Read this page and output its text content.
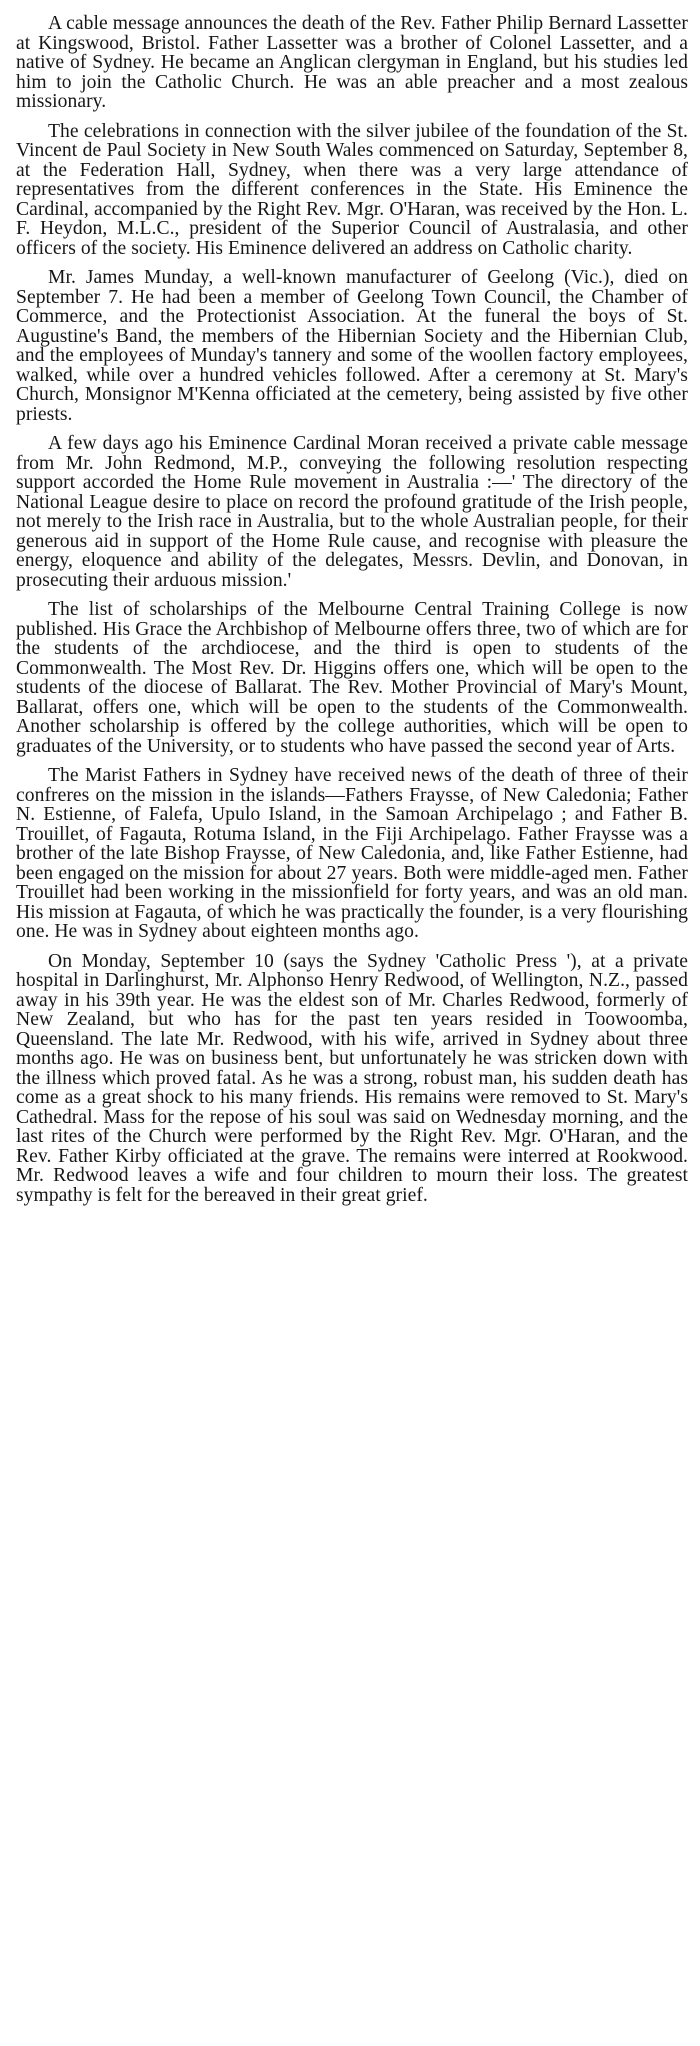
A cable message announces the death of the Rev. Father Philip Bernard Lassetter at Kingswood, Bristol. Father Lassetter was a brother of Colonel Lassetter, and a native of Sydney. He became an Anglican clergyman in England, but his studies led him to join the Catholic Church. He was an able preacher and a most zealous missionary.

The celebrations in connection with the silver jubilee of the foundation of the St. Vincent de Paul Society in New South Wales commenced on Saturday, September 8, at the Federation Hall, Sydney, when there was a very large attendance of representatives from the different conferences in the State. His Eminence the Cardinal, accompanied by the Right Rev. Mgr. O'Haran, was received by the Hon. L. F. Heydon, M.L.C., president of the Superior Council of Australasia, and other officers of the society. His Eminence delivered an address on Catholic charity.

Mr. James Munday, a well-known manufacturer of Geelong (Vic.), died on September 7. He had been a member of Geelong Town Council, the Chamber of Commerce, and the Protectionist Association. At the funeral the boys of St. Augustine's Band, the members of the Hibernian Society and the Hibernian Club, and the employees of Munday's tannery and some of the woollen factory employees, walked, while over a hundred vehicles followed. After a ceremony at St. Mary's Church, Monsignor M'Kenna officiated at the cemetery, being assisted by five other priests.

A few days ago his Eminence Cardinal Moran received a private cable message from Mr. John Redmond, M.P., conveying the following resolution respecting support accorded the Home Rule movement in Australia :—' The directory of the National League desire to place on record the profound gratitude of the Irish people, not merely to the Irish race in Australia, but to the whole Australian people, for their generous aid in support of the Home Rule cause, and recognise with pleasure the energy, eloquence and ability of the delegates, Messrs. Devlin, and Donovan, in prosecuting their arduous mission.'

The list of scholarships of the Melbourne Central Training College is now published. His Grace the Archbishop of Melbourne offers three, two of which are for the students of the archdiocese, and the third is open to students of the Commonwealth. The Most Rev. Dr. Higgins offers one, which will be open to the students of the diocese of Ballarat. The Rev. Mother Provincial of Mary's Mount, Ballarat, offers one, which will be open to the students of the Commonwealth. Another scholarship is offered by the college authorities, which will be open to graduates of the University, or to students who have passed the second year of Arts.

The Marist Fathers in Sydney have received news of the death of three of their confreres on the mission in the islands—Fathers Fraysse, of New Caledonia; Father N. Estienne, of Falefa, Upulo Island, in the Samoan Archipelago ; and Father B. Trouillet, of Fagauta, Rotuma Island, in the Fiji Archipelago. Father Fraysse was a brother of the late Bishop Fraysse, of New Caledonia, and, like Father Estienne, had been engaged on the mission for about 27 years. Both were middle-aged men. Father Trouillet had been working in the missionfield for forty years, and was an old man. His mission at Fagauta, of which he was practically the founder, is a very flourishing one. He was in Sydney about eighteen months ago.

On Monday, September 10 (says the Sydney 'Catholic Press '), at a private hospital in Darlinghurst, Mr. Alphonso Henry Redwood, of Wellington, N.Z., passed away in his 39th year. He was the eldest son of Mr. Charles Redwood, formerly of New Zealand, but who has for the past ten years resided in Toowoomba, Queensland. The late Mr. Redwood, with his wife, arrived in Sydney about three months ago. He was on business bent, but unfortunately he was stricken down with the illness which proved fatal. As he was a strong, robust man, his sudden death has come as a great shock to his many friends. His remains were removed to St. Mary's Cathedral. Mass for the repose of his soul was said on Wednesday morning, and the last rites of the Church were performed by the Right Rev. Mgr. O'Haran, and the Rev. Father Kirby officiated at the grave. The remains were interred at Rookwood. Mr. Redwood leaves a wife and four children to mourn their loss. The greatest sympathy is felt for the bereaved in their great grief.
